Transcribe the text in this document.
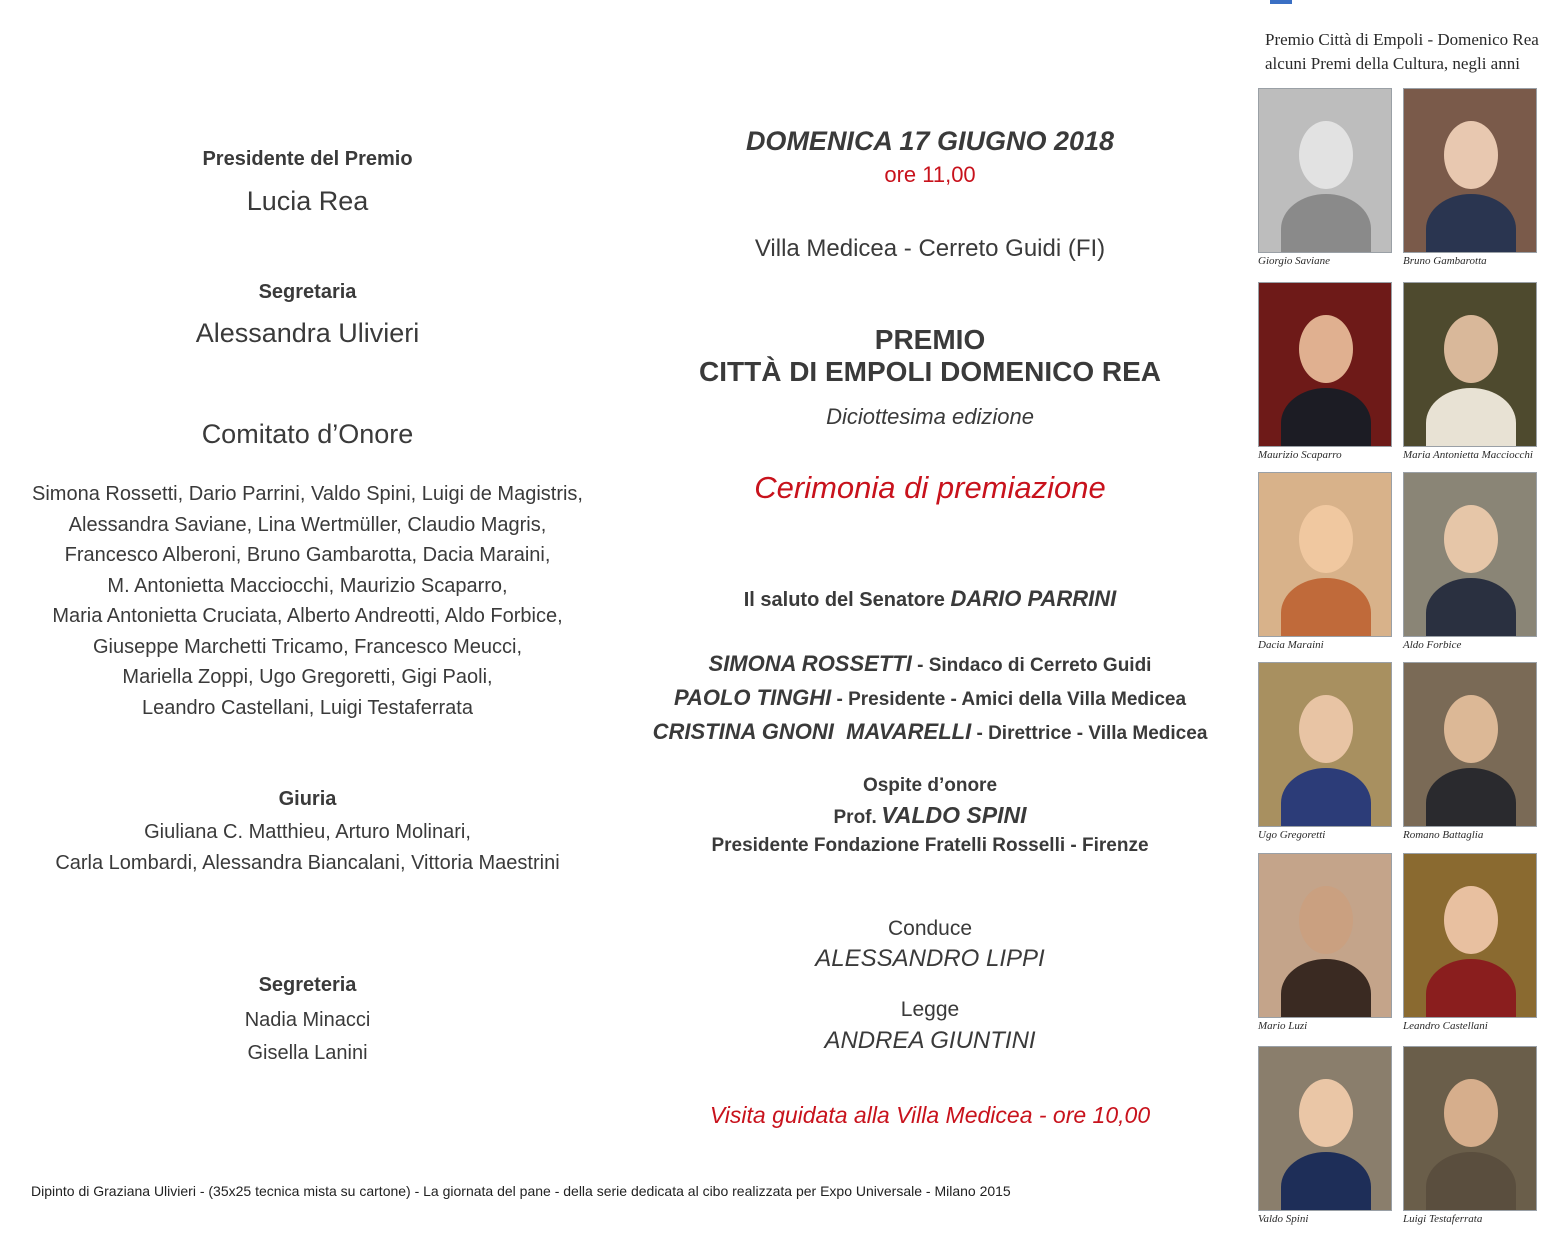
Presidente del Premio
Lucia Rea
Segretaria
Alessandra Ulivieri
Comitato d’Onore
Simona Rossetti, Dario Parrini, Valdo Spini, Luigi de Magistris,
Alessandra Saviane, Lina Wertmüller, Claudio Magris,
Francesco Alberoni, Bruno Gambarotta, Dacia Maraini,
M. Antonietta Macciocchi, Maurizio Scaparro,
Maria Antonietta Cruciata, Alberto Andreotti, Aldo Forbice,
Giuseppe Marchetti Tricamo, Francesco Meucci,
Mariella Zoppi, Ugo Gregoretti, Gigi Paoli,
Leandro Castellani, Luigi Testaferrata
Giuria
Giuliana C. Matthieu, Arturo Molinari,
Carla Lombardi, Alessandra Biancalani, Vittoria Maestrini
Segreteria
Nadia Minacci
Gisella Lanini
DOMENICA 17 GIUGNO 2018
ore 11,00
Villa Medicea - Cerreto Guidi (FI)
PREMIO
CITTÀ DI EMPOLI DOMENICO REA
Diciottesima edizione
Cerimonia di premiazione
Il saluto del Senatore DARIO PARRINI
SIMONA ROSSETTI - Sindaco di Cerreto Guidi
PAOLO TINGHI - Presidente - Amici della Villa Medicea
CRISTINA GNONI  MAVARELLI - Direttrice - Villa Medicea
Ospite d’onore
Prof. VALDO SPINI
Presidente Fondazione Fratelli Rosselli - Firenze
Conduce
ALESSANDRO LIPPI
Legge
ANDREA GIUNTINI
Visita guidata alla Villa Medicea - ore 10,00
Dipinto di Graziana Ulivieri - (35x25 tecnica mista su cartone) - La giornata del pane - della serie dedicata al cibo realizzata per Expo Universale - Milano 2015
Premio Città di Empoli - Domenico Rea
alcuni Premi della Cultura, negli anni
Giorgio Saviane	Bruno Gambarotta
Maurizio Scaparro	Maria Antonietta Macciocchi
Dacia Maraini	Aldo Forbice
Ugo Gregoretti	Romano Battaglia
Mario Luzi	Leandro Castellani
Valdo Spini	Luigi Testaferrata
